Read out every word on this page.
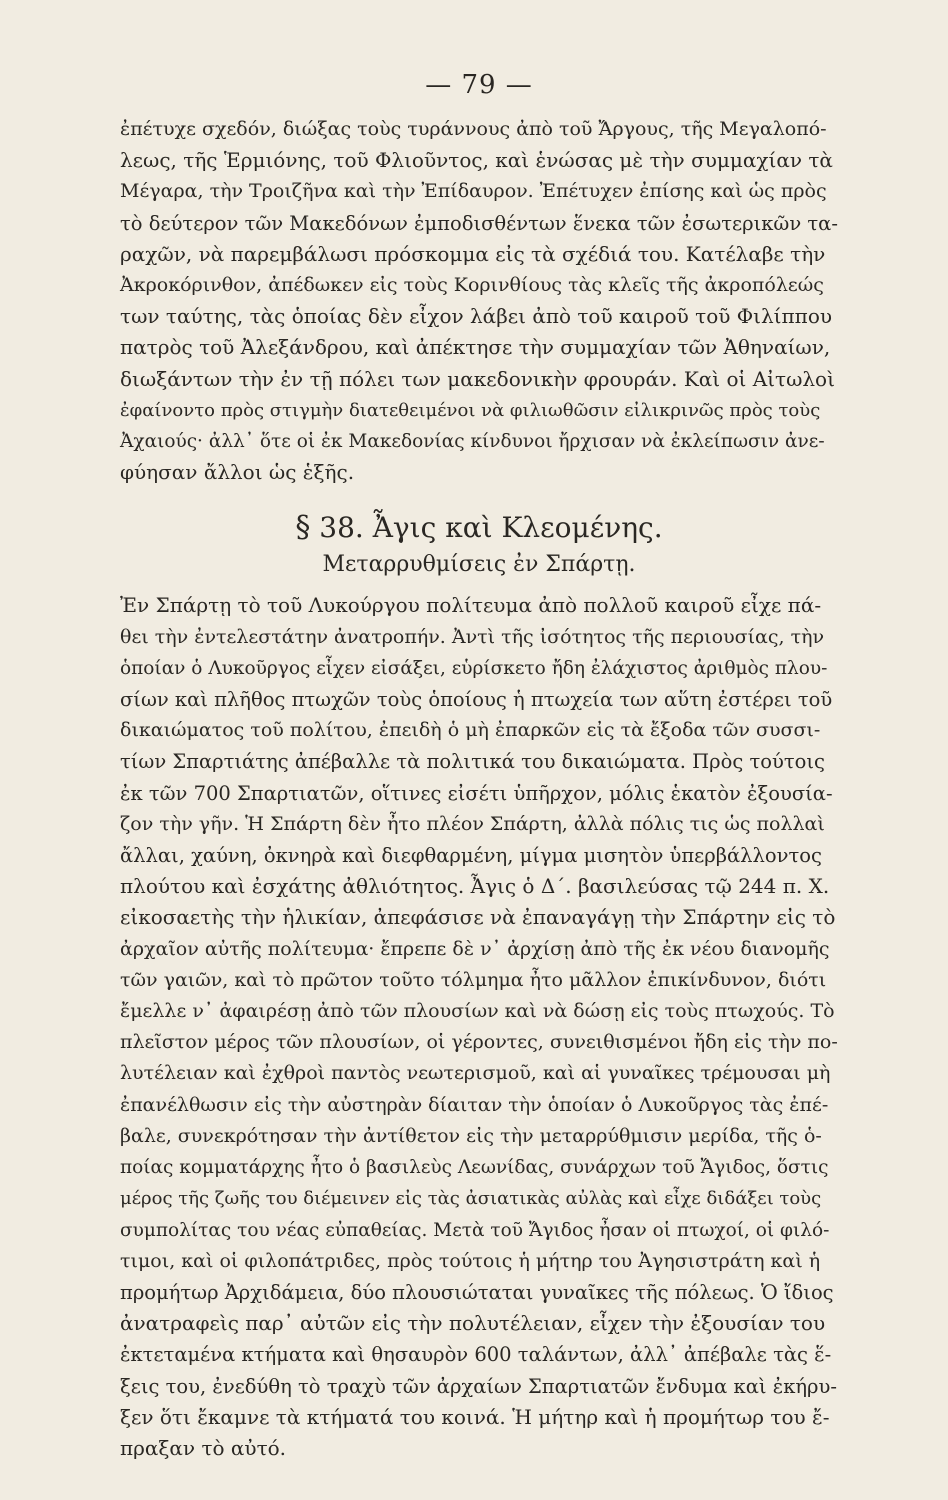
— 79 —
ἐπέτυχε σχεδόν, διώξας τοὺς τυράννους ἀπὸ τοῦ Ἄργους, τῆς Μεγαλοπό-
λεως, τῆς Ἑρμιόνης, τοῦ Φλιοῦντος, καὶ ἑνώσας μὲ τὴν συμμαχίαν τὰ
Μέγαρα, τὴν Τροιζῆνα καὶ τὴν Ἐπίδαυρον. Ἐπέτυχεν ἐπίσης καὶ ὡς πρὸς
τὸ δεύτερον τῶν Μακεδόνων ἐμποδισθέντων ἕνεκα τῶν ἐσωτερικῶν τα-
ραχῶν, νὰ παρεμβάλωσι πρόσκομμα εἰς τὰ σχέδιά του. Κατέλαβε τὴν
Ἀκροκόρινθον, ἀπέδωκεν εἰς τοὺς Κορινθίους τὰς κλεῖς τῆς ἀκροπόλεώς
των ταύτης, τὰς ὁποίας δὲν εἶχον λάβει ἀπὸ τοῦ καιροῦ τοῦ Φιλίππου
πατρὸς τοῦ Ἀλεξάνδρου, καὶ ἀπέκτησε τὴν συμμαχίαν τῶν Ἀθηναίων,
διωξάντων τὴν ἐν τῇ πόλει των μακεδονικὴν φρουράν. Καὶ οἱ Αἰτωλοὶ
ἐφαίνοντο πρὸς στιγμὴν διατεθειμένοι νὰ φιλιωθῶσιν εἰλικρινῶς πρὸς τοὺς
Ἀχαιούς· ἀλλ᾽ ὅτε οἱ ἐκ Μακεδονίας κίνδυνοι ἤρχισαν νὰ ἐκλείπωσιν ἀνε-
φύησαν ἄλλοι ὡς ἑξῆς.
§ 38. Ἆγις καὶ Κλεομένης.
Μεταρρυθμίσεις ἐν Σπάρτῃ.
Ἐν Σπάρτῃ τὸ τοῦ Λυκούργου πολίτευμα ἀπὸ πολλοῦ καιροῦ εἶχε πά-
θει τὴν ἐντελεστάτην ἀνατροπήν. Ἀντὶ τῆς ἰσότητος τῆς περιουσίας, τὴν
ὁποίαν ὁ Λυκοῦργος εἶχεν εἰσάξει, εὑρίσκετο ἤδη ἐλάχιστος ἀριθμὸς πλου-
σίων καὶ πλῆθος πτωχῶν τοὺς ὁποίους ἡ πτωχεία των αὕτη ἐστέρει τοῦ
δικαιώματος τοῦ πολίτου, ἐπειδὴ ὁ μὴ ἐπαρκῶν εἰς τὰ ἔξοδα τῶν συσσι-
τίων Σπαρτιάτης ἀπέβαλλε τὰ πολιτικά του δικαιώματα. Πρὸς τούτοις
ἐκ τῶν 700 Σπαρτιατῶν, οἵτινες εἰσέτι ὑπῆρχον, μόλις ἑκατὸν ἐξουσία-
ζον τὴν γῆν. Ἡ Σπάρτη δὲν ἦτο πλέον Σπάρτη, ἀλλὰ πόλις τις ὡς πολλαὶ
ἄλλαι, χαύνη, ὀκνηρὰ καὶ διεφθαρμένη, μίγμα μισητὸν ὑπερβάλλοντος
πλούτου καὶ ἐσχάτης ἀθλιότητος. Ἆγις ὁ Δ΄. βασιλεύσας τῷ 244 π. Χ.
εἰκοσαετὴς τὴν ἡλικίαν, ἀπεφάσισε νὰ ἐπαναγάγῃ τὴν Σπάρτην εἰς τὸ
ἀρχαῖον αὐτῆς πολίτευμα· ἔπρεπε δὲ ν᾽ ἀρχίσῃ ἀπὸ τῆς ἐκ νέου διανομῆς
τῶν γαιῶν, καὶ τὸ πρῶτον τοῦτο τόλμημα ἦτο μᾶλλον ἐπικίνδυνον, διότι
ἔμελλε ν᾽ ἀφαιρέσῃ ἀπὸ τῶν πλουσίων καὶ νὰ δώσῃ εἰς τοὺς πτωχούς. Τὸ
πλεῖστον μέρος τῶν πλουσίων, οἱ γέροντες, συνειθισμένοι ἤδη εἰς τὴν πο-
λυτέλειαν καὶ ἐχθροὶ παντὸς νεωτερισμοῦ, καὶ αἱ γυναῖκες τρέμουσαι μὴ
ἐπανέλθωσιν εἰς τὴν αὐστηρὰν δίαιταν τὴν ὁποίαν ὁ Λυκοῦργος τὰς ἐπέ-
βαλε, συνεκρότησαν τὴν ἀντίθετον εἰς τὴν μεταρρύθμισιν μερίδα, τῆς ὁ-
ποίας κομματάρχης ἦτο ὁ βασιλεὺς Λεωνίδας, συνάρχων τοῦ Ἄγιδος, ὅστις
μέρος τῆς ζωῆς του διέμεινεν εἰς τὰς ἀσιατικὰς αὐλὰς καὶ εἶχε διδάξει τοὺς
συμπολίτας του νέας εὐπαθείας. Μετὰ τοῦ Ἄγιδος ἦσαν οἱ πτωχοί, οἱ φιλό-
τιμοι, καὶ οἱ φιλοπάτριδες, πρὸς τούτοις ἡ μήτηρ του Ἀγησιστράτη καὶ ἡ
προμήτωρ Ἀρχιδάμεια, δύο πλουσιώταται γυναῖκες τῆς πόλεως. Ὁ ἴδιος
ἀνατραφεὶς παρ᾽ αὐτῶν εἰς τὴν πολυτέλειαν, εἶχεν τὴν ἐξουσίαν του
ἐκτεταμένα κτήματα καὶ θησαυρὸν 600 ταλάντων, ἀλλ᾽ ἀπέβαλε τὰς ἕ-
ξεις του, ἐνεδύθη τὸ τραχὺ τῶν ἀρχαίων Σπαρτιατῶν ἔνδυμα καὶ ἐκήρυ-
ξεν ὅτι ἔκαμνε τὰ κτήματά του κοινά. Ἡ μήτηρ καὶ ἡ προμήτωρ του ἔ-
πραξαν τὸ αὐτό.
